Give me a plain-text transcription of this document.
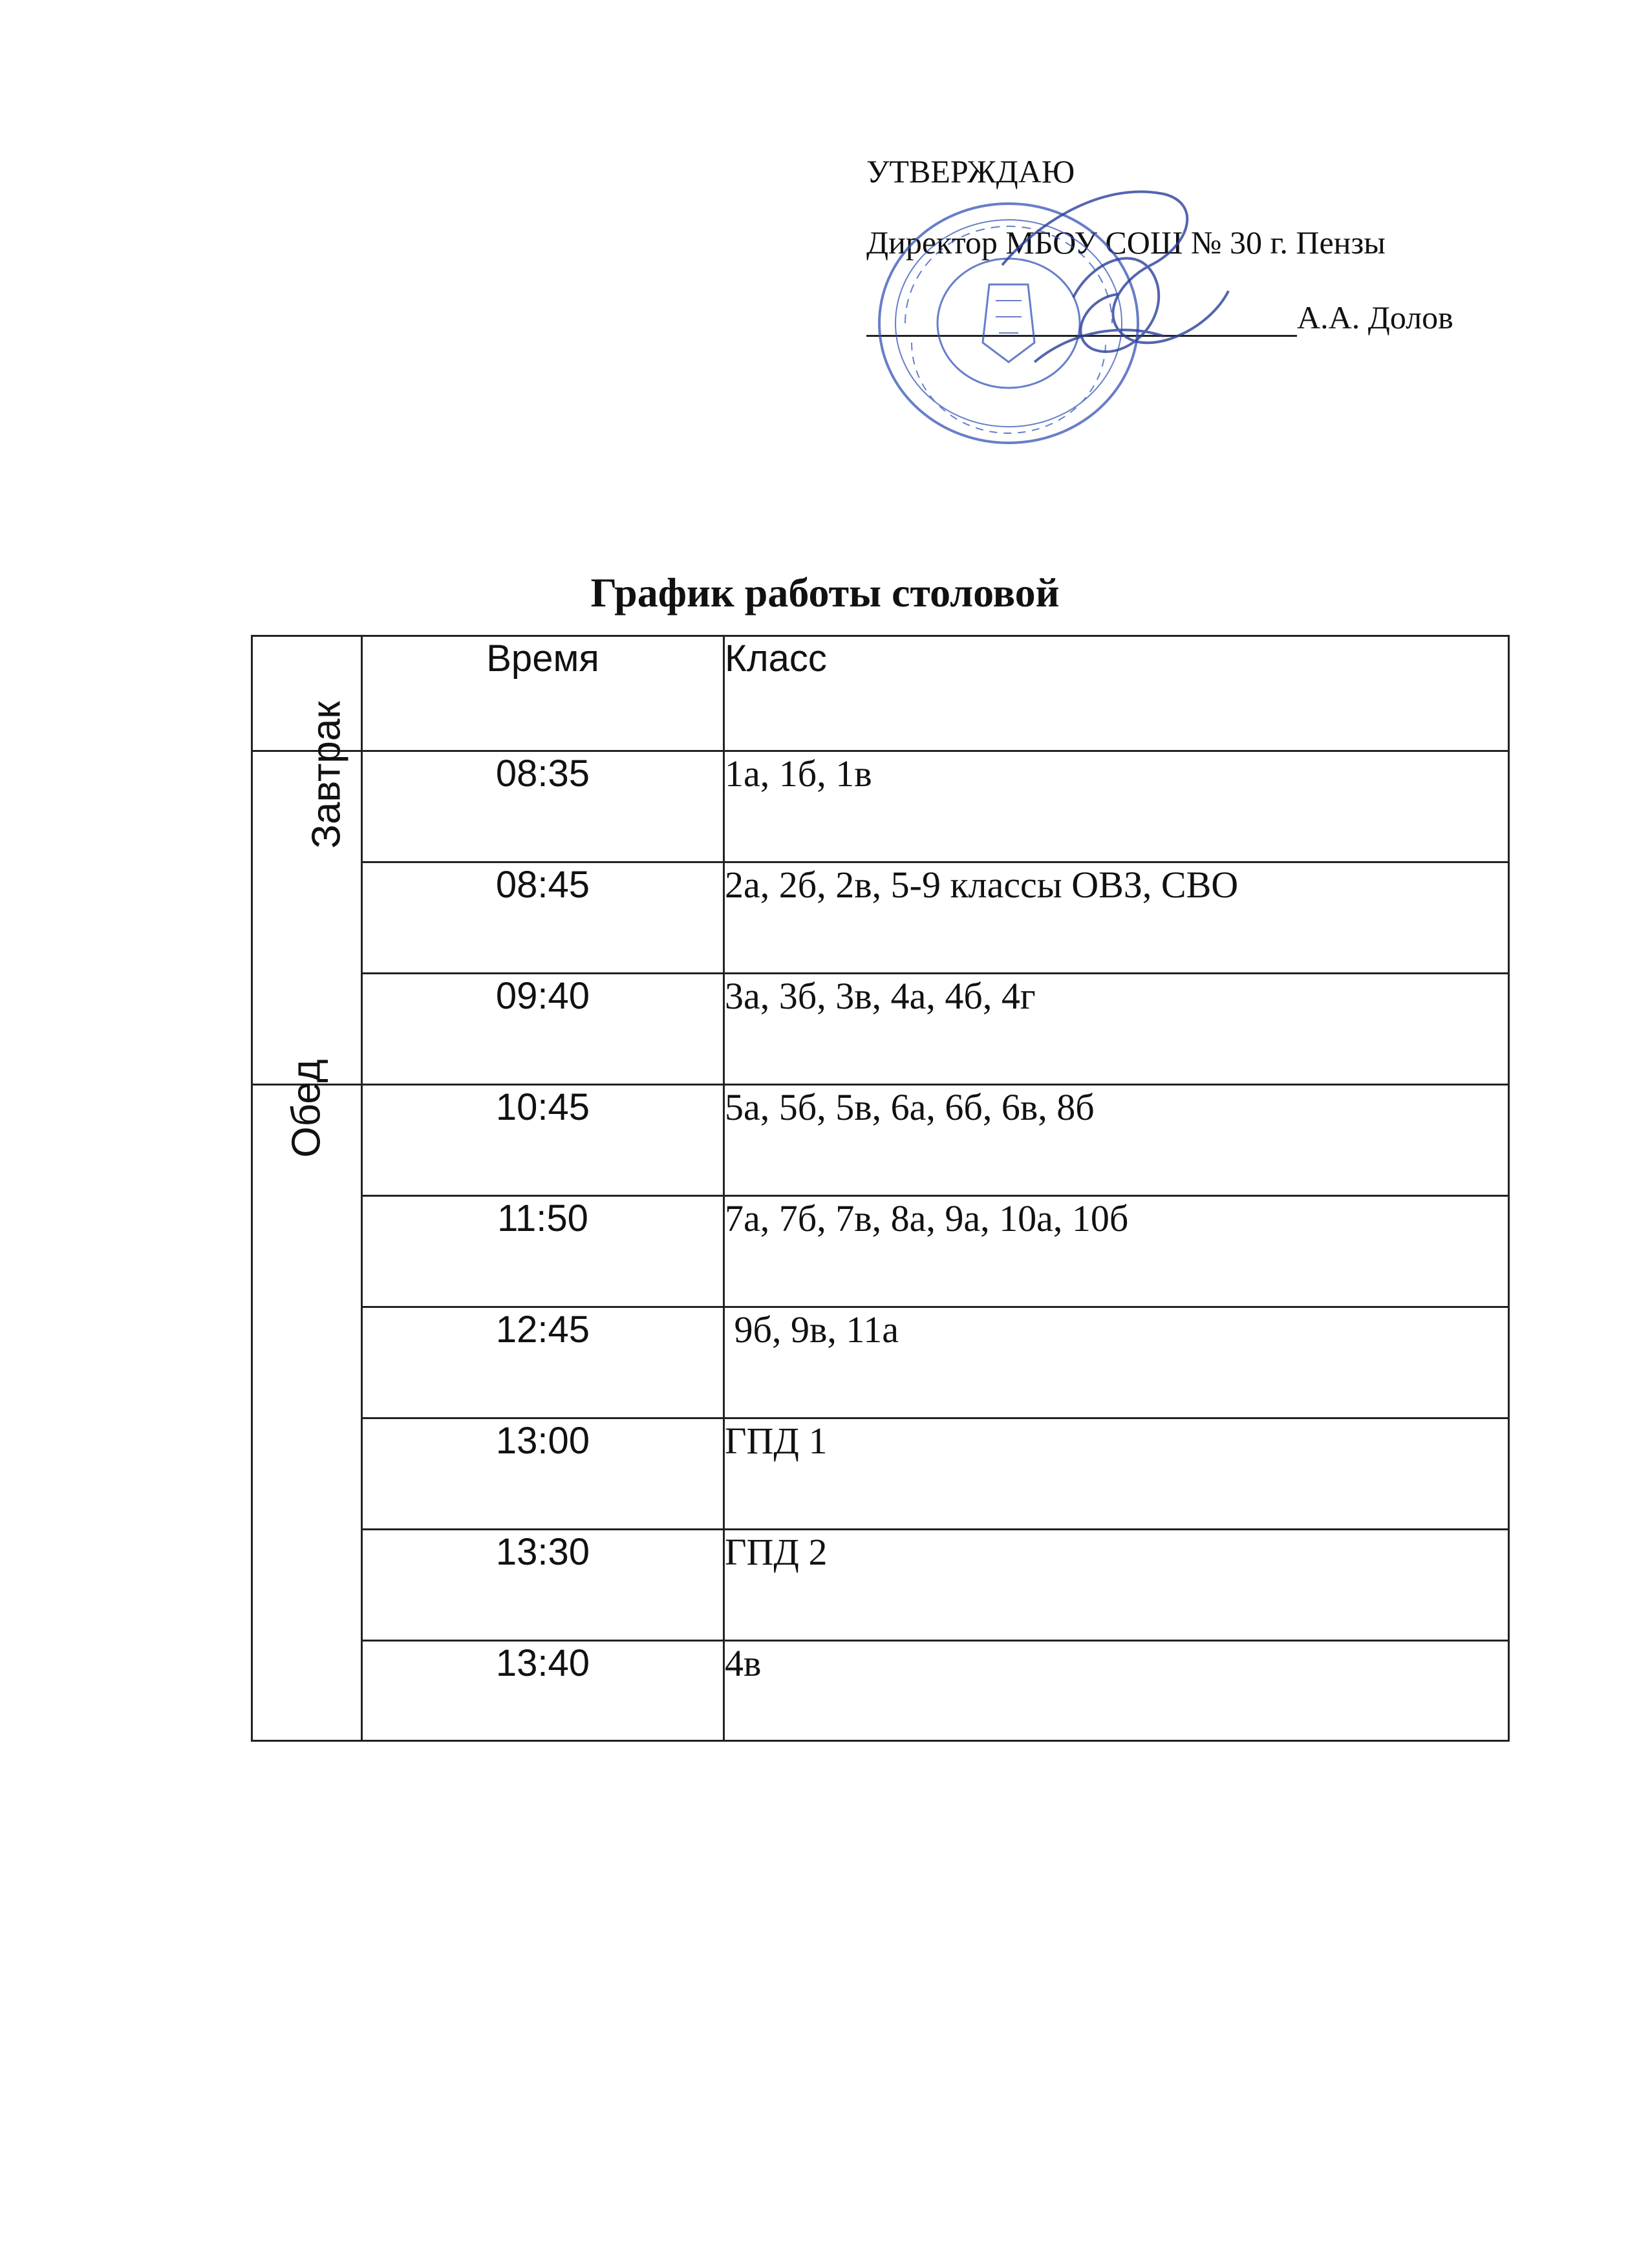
УТВЕРЖДАЮ
Директор МБОУ СОШ № 30 г. Пензы
А.А. Долов
График работы столовой
	Время	Класс
Завтрак	08:35	1а, 1б, 1в
	08:45	2а, 2б, 2в, 5-9 классы ОВЗ, СВО
	09:40	3а, 3б, 3в, 4а, 4б, 4г
Обед	10:45	5а, 5б, 5в, 6а, 6б, 6в, 8б
	11:50	7а, 7б, 7в, 8а, 9а, 10а, 10б
	12:45	9б, 9в, 11а
	13:00	ГПД 1
	13:30	ГПД 2
	13:40	4в
